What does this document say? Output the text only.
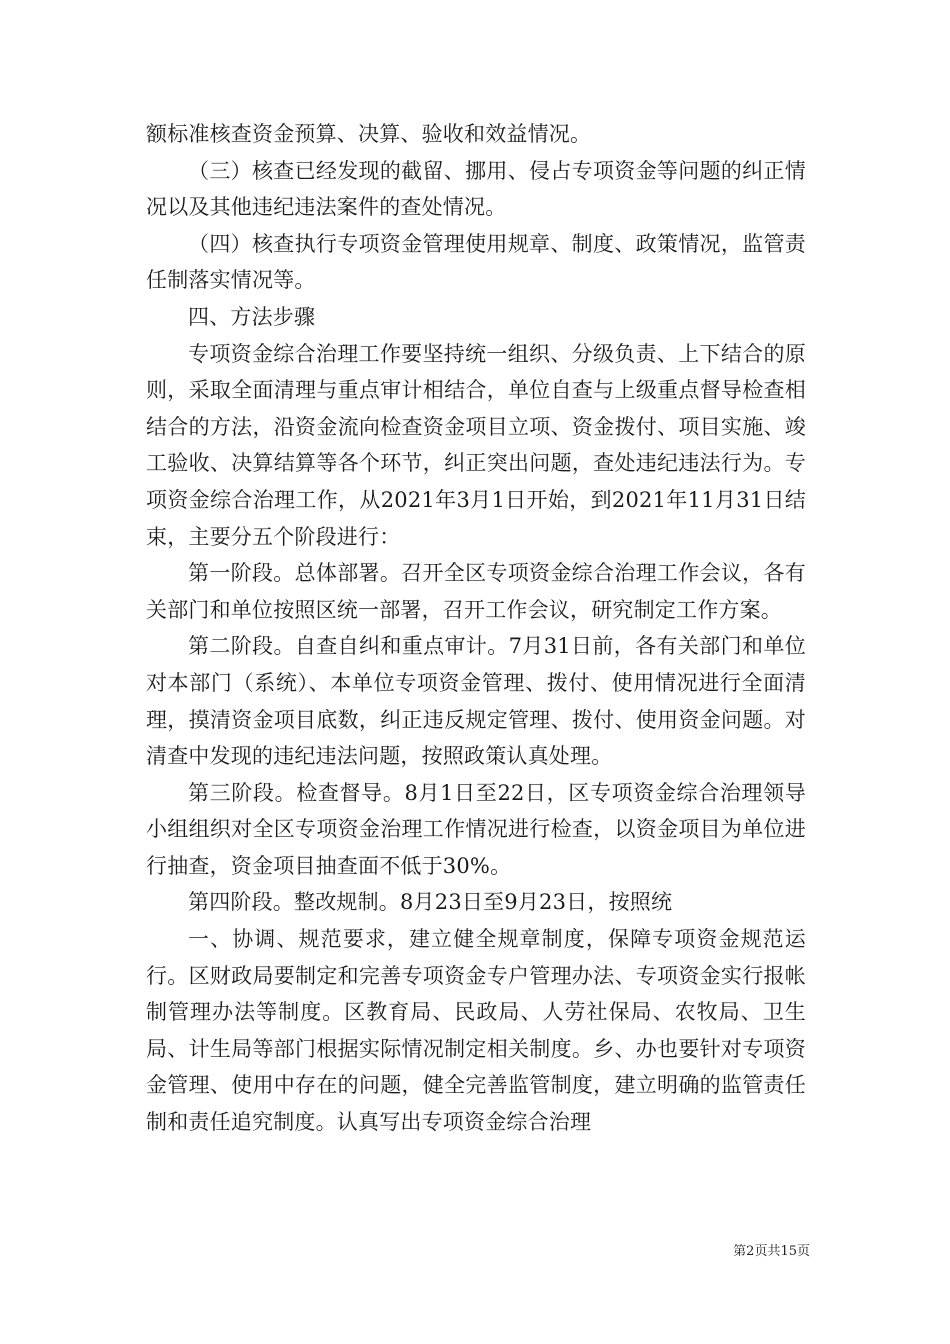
额标准核查资金预算、决算、验收和效益情况。

（三）核查已经发现的截留、挪用、侵占专项资金等问题的纠正情况以及其他违纪违法案件的查处情况。

（四）核查执行专项资金管理使用规章、制度、政策情况，监管责任制落实情况等。

四、方法步骤

专项资金综合治理工作要坚持统一组织、分级负责、上下结合的原则，采取全面清理与重点审计相结合，单位自查与上级重点督导检查相结合的方法，沿资金流向检查资金项目立项、资金拨付、项目实施、竣工验收、决算结算等各个环节，纠正突出问题，查处违纪违法行为。专项资金综合治理工作，从2021年3月1日开始，到2021年11月31日结束，主要分五个阶段进行：

第一阶段。总体部署。召开全区专项资金综合治理工作会议，各有关部门和单位按照区统一部署，召开工作会议，研究制定工作方案。

第二阶段。自查自纠和重点审计。7月31日前，各有关部门和单位对本部门（系统）、本单位专项资金管理、拨付、使用情况进行全面清理，摸清资金项目底数，纠正违反规定管理、拨付、使用资金问题。对清查中发现的违纪违法问题，按照政策认真处理。

第三阶段。检查督导。8月1日至22日，区专项资金综合治理领导小组组织对全区专项资金治理工作情况进行检查，以资金项目为单位进行抽查，资金项目抽查面不低于30%。

第四阶段。整改规制。8月23日至9月23日，按照统

一、协调、规范要求，建立健全规章制度，保障专项资金规范运行。区财政局要制定和完善专项资金专户管理办法、专项资金实行报帐制管理办法等制度。区教育局、民政局、人劳社保局、农牧局、卫生局、计生局等部门根据实际情况制定相关制度。乡、办也要针对专项资金管理、使用中存在的问题，健全完善监管制度，建立明确的监管责任制和责任追究制度。认真写出专项资金综合治理

第2页共15页
